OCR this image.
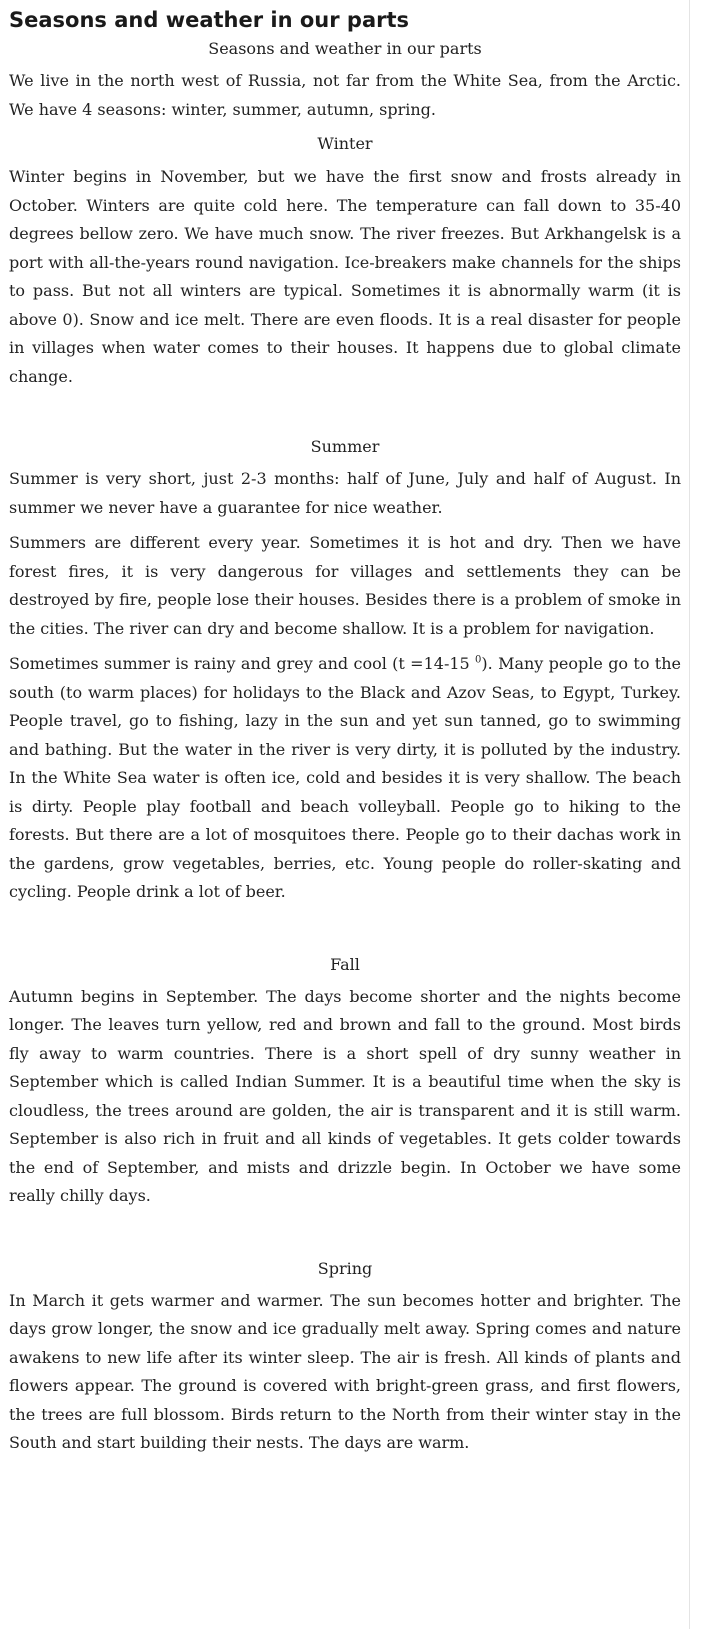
Seasons and weather in our parts

Seasons and weather in our parts

We live in the north west of Russia, not far from the White Sea, from the Arctic. We have 4 seasons: winter, summer, autumn, spring.

Winter

Winter begins in November, but we have the first snow and frosts already in October. Winters are quite cold here. The temperature can fall down to 35-40 degrees bellow zero. We have much snow. The river freezes. But Arkhangelsk is a port with all-the-years round navigation. Ice-breakers make channels for the ships to pass. But not all winters are typical. Sometimes it is abnormally warm (it is above 0). Snow and ice melt. There are even floods. It is a real disaster for people in villages when water comes to their houses. It happens due to global climate change.

Summer

Summer is very short, just 2-3 months: half of June, July and half of August. In summer we never have a guarantee for nice weather.

Summers are different every year. Sometimes it is hot and dry. Then we have forest fires, it is very dangerous for villages and settlements they can be destroyed by fire, people lose their houses. Besides there is a problem of smoke in the cities. The river can dry and become shallow. It is a problem for navigation.

Sometimes summer is rainy and grey and cool (t =14-15 $^0$). Many people go to the south (to warm places) for holidays to the Black and Azov Seas, to Egypt, Turkey. People travel, go to fishing, lazy in the sun and yet sun tanned, go to swimming and bathing. But the water in the river is very dirty, it is polluted by the industry. In the White Sea water is often ice, cold and besides it is very shallow. The beach is dirty. People play football and beach volleyball. People go to hiking to the forests. But there are a lot of mosquitoes there. People go to their dachas work in the gardens, grow vegetables, berries, etc. Young people do roller-skating and cycling. People drink a lot of beer.

Fall

Autumn begins in September. The days become shorter and the nights become longer. The leaves turn yellow, red and brown and fall to the ground. Most birds fly away to warm countries. There is a short spell of dry sunny weather in September which is called Indian Summer. It is a beautiful time when the sky is cloudless, the trees around are golden, the air is transparent and it is still warm. September is also rich in fruit and all kinds of vegetables. It gets colder towards the end of September, and mists and drizzle begin. In October we have some really chilly days.

Spring

In March it gets warmer and warmer. The sun becomes hotter and brighter. The days grow longer, the snow and ice gradually melt away. Spring comes and nature awakens to new life after its winter sleep. The air is fresh. All kinds of plants and flowers appear. The ground is covered with bright-green grass, and first flowers, the trees are full blossom. Birds return to the North from their winter stay in the South and start building their nests. The days are warm.
